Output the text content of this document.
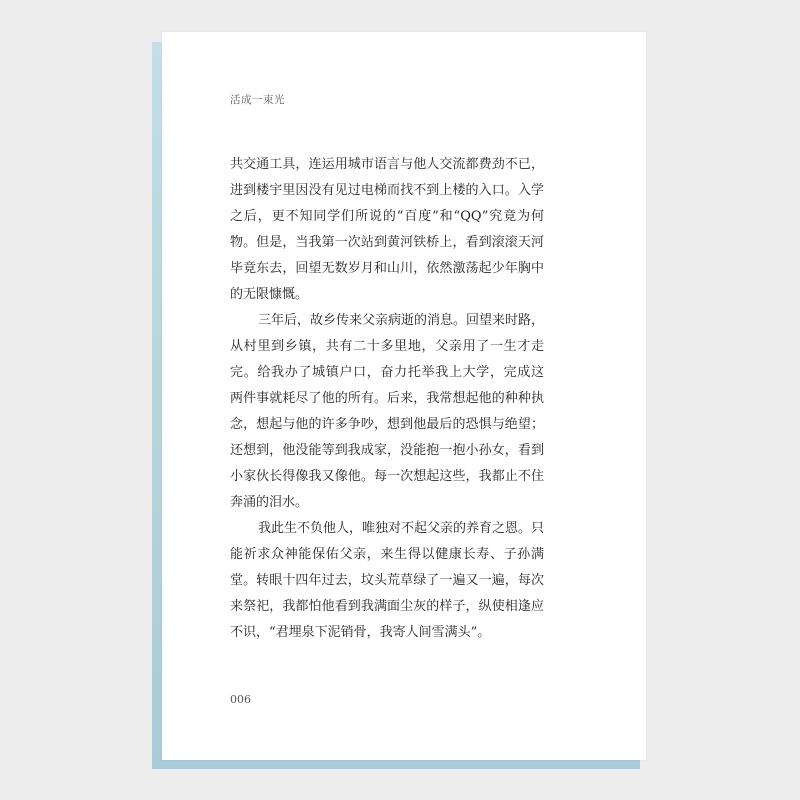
活成一束光
共交通工具，连运用城市语言与他人交流都费劲不已，
进到楼宇里因没有见过电梯而找不到上楼的入口。入学
之后，更不知同学们所说的“百度”和“QQ”究竟为何
物。但是，当我第一次站到黄河铁桥上，看到滚滚天河
毕竟东去，回望无数岁月和山川，依然激荡起少年胸中
的无限慷慨。
三年后，故乡传来父亲病逝的消息。回望来时路，
从村里到乡镇，共有二十多里地，父亲用了一生才走
完。给我办了城镇户口，奋力托举我上大学，完成这
两件事就耗尽了他的所有。后来，我常想起他的种种执
念，想起与他的许多争吵，想到他最后的恐惧与绝望；
还想到，他没能等到我成家，没能抱一抱小孙女，看到
小家伙长得像我又像他。每一次想起这些，我都止不住
奔涌的泪水。
我此生不负他人，唯独对不起父亲的养育之恩。只
能祈求众神能保佑父亲，来生得以健康长寿、子孙满
堂。转眼十四年过去，坟头荒草绿了一遍又一遍，每次
来祭祀，我都怕他看到我满面尘灰的样子，纵使相逢应
不识，“君埋泉下泥销骨，我寄人间雪满头”。
006
